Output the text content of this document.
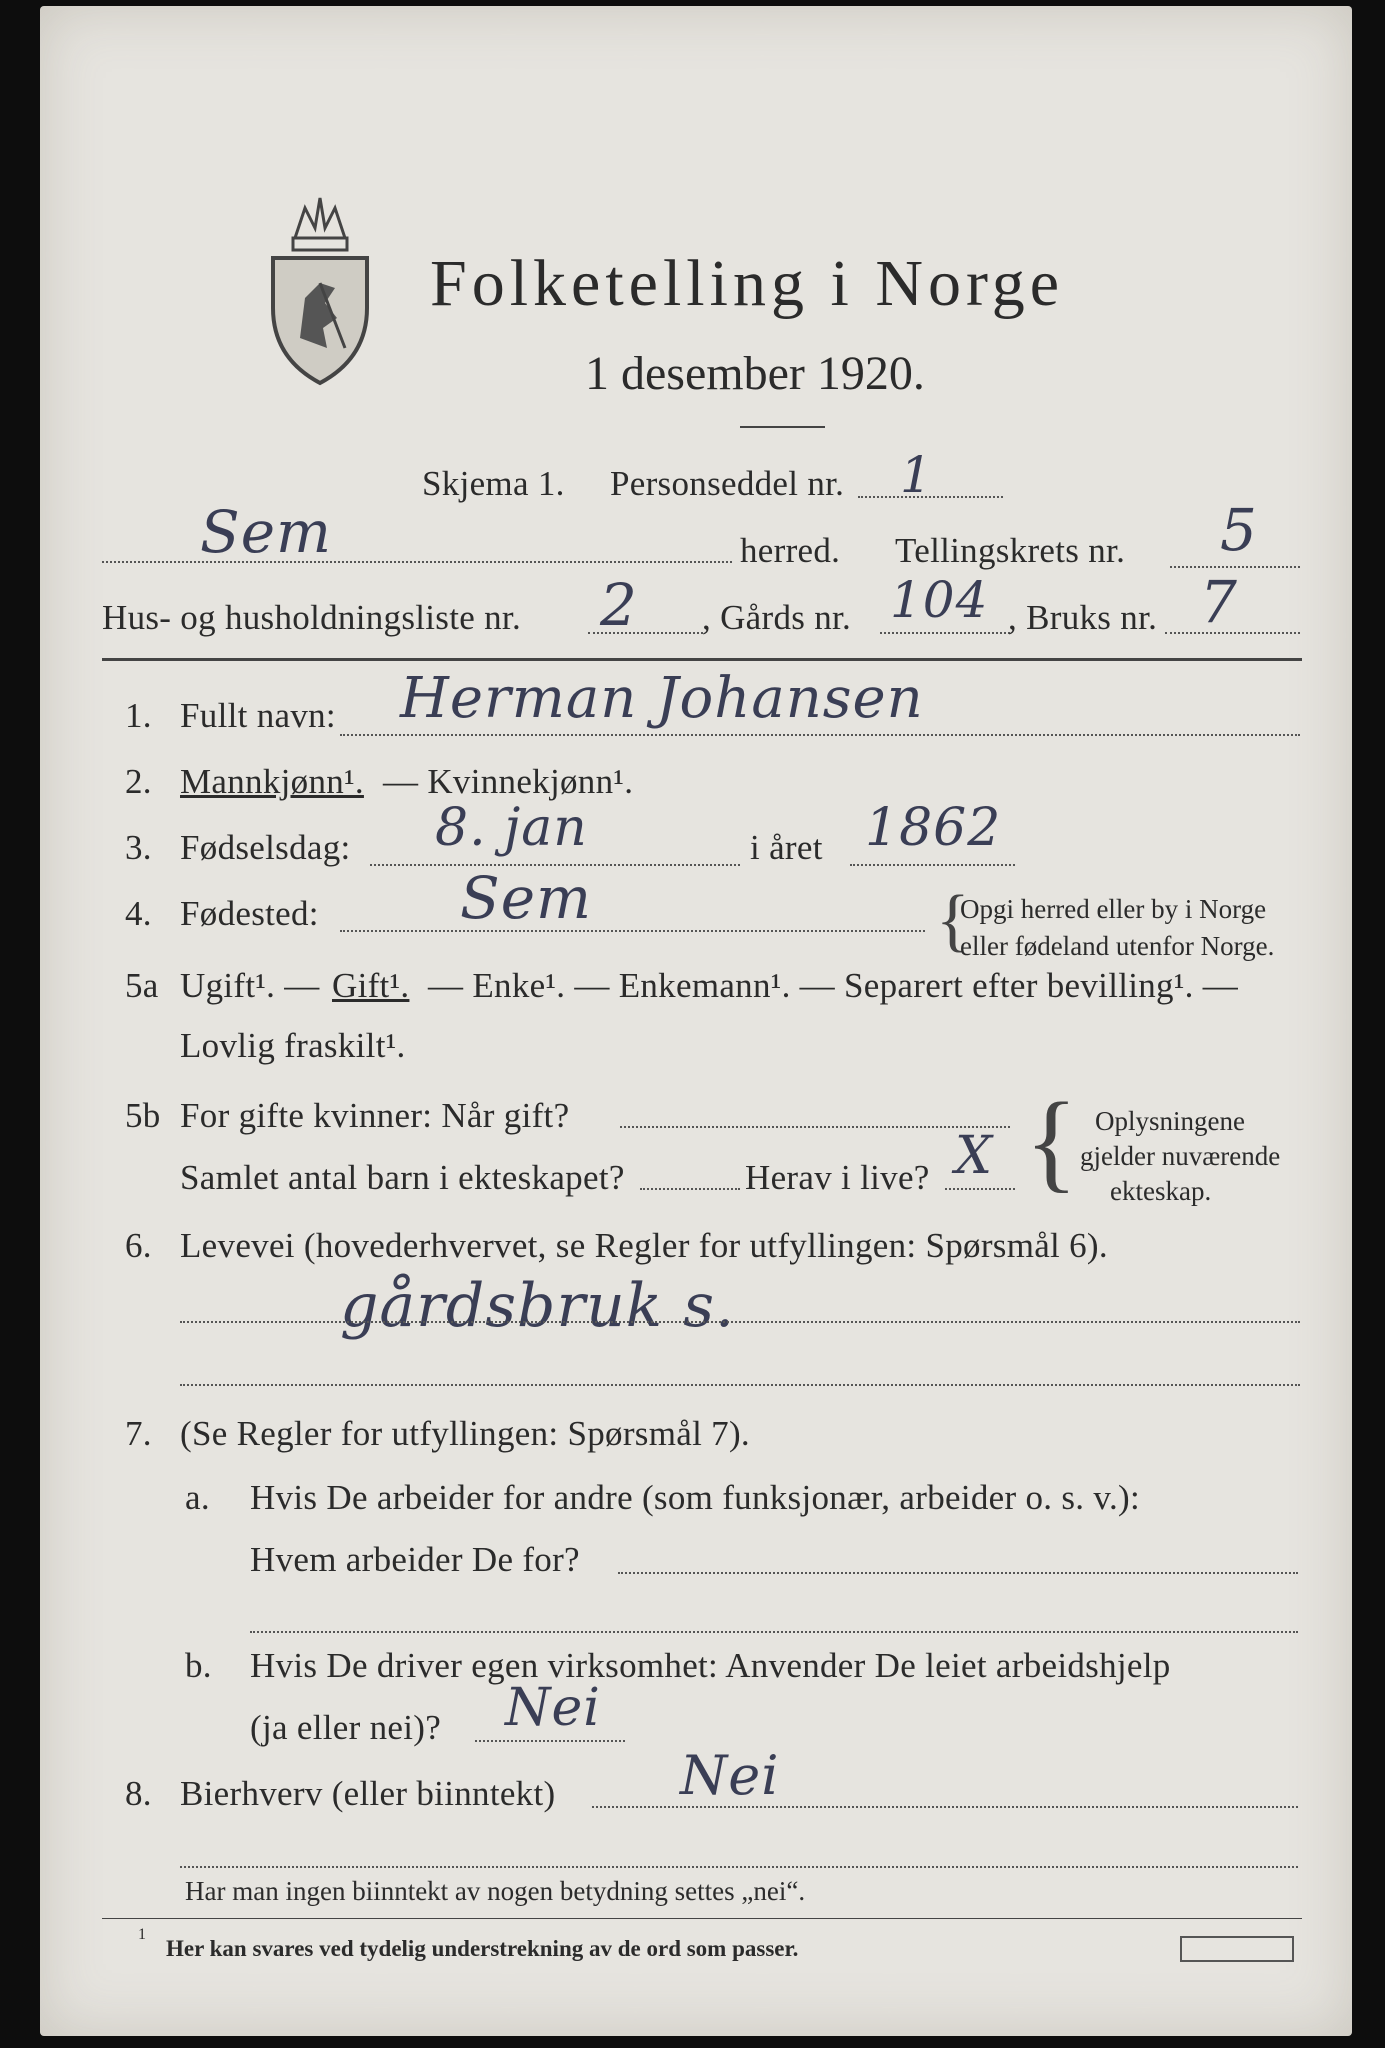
Folketelling i Norge
1 desember 1920.
Skjema 1. Personseddel nr. 1
Sem	herred. Tellingskrets nr. 5
Hus- og husholdningsliste nr. 2 , Gårds nr. 104 , Bruks nr. 7
1. Fullt navn: Herman Johansen
2. Mannkjønn¹. — Kvinnekjønn¹.
3. Fødselsdag: 8. jan	i året 1862
4. Fødested: Sem	{
Opgi herred eller by i Norge
eller fødeland utenfor Norge.
5a Ugift¹. — Gift¹. — Enke¹. — Enkemann¹. — Separert efter bevilling¹. —
Lovlig fraskilt¹.
5b For gifte kvinner: Når gift?
Samlet antal barn i ekteskapet?	Herav i live? X { Oplysningene
gjelder nuværende
ekteskap.
6. Levevei (hovederhvervet, se Regler for utfyllingen: Spørsmål 6).
gårdsbruk s.
7. (Se Regler for utfyllingen: Spørsmål 7).
a. Hvis De arbeider for andre (som funksjonær, arbeider o. s. v.):
Hvem arbeider De for?
b. Hvis De driver egen virksomhet: Anvender De leiet arbeidshjelp
(ja eller nei)? Nei
8. Bierhverv (eller biinntekt) Nei
Har man ingen biinntekt av nogen betydning settes „nei“.
1
Her kan svares ved tydelig understrekning av de ord som passer.
